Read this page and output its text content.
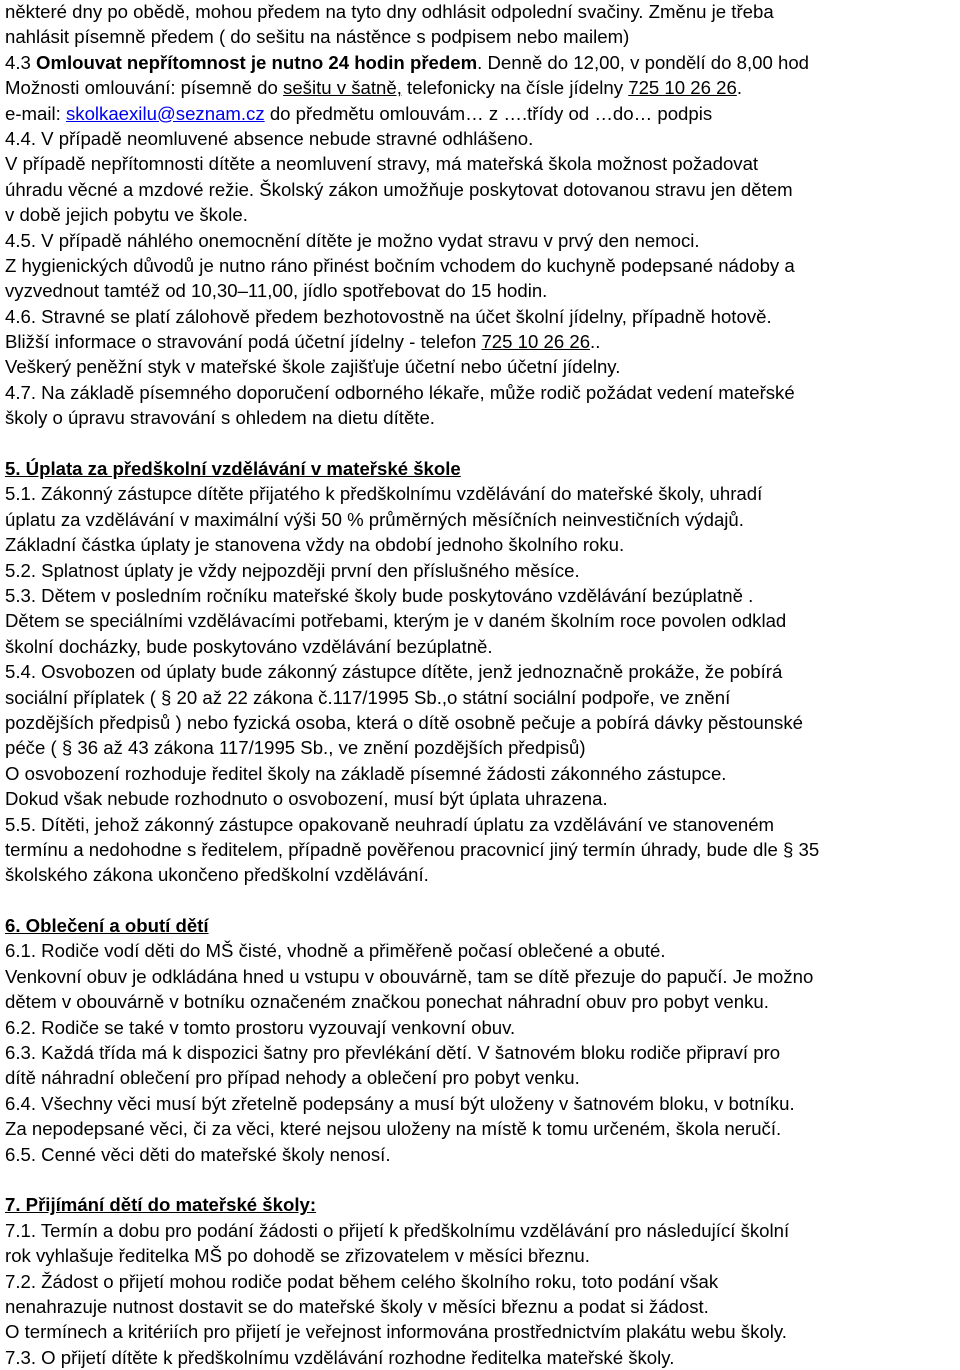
některé dny po obědě, mohou předem na tyto dny odhlásit odpolední svačiny. Změnu je třeba
nahlásit písemně předem ( do sešitu na nástěnce s podpisem nebo mailem)
4.3 Omlouvat nepřítomnost je nutno 24 hodin předem. Denně do 12,00, v pondělí do 8,00 hod
Možnosti omlouvání: písemně do sešitu v šatně, telefonicky na čísle jídelny 725 10 26 26.
e-mail: skolkaexilu@seznam.cz do předmětu omlouvám… z ….třídy od …do… podpis
4.4. V případě neomluvené absence nebude stravné odhlášeno.
V případě nepřítomnosti dítěte a neomluvení stravy, má mateřská škola možnost požadovat
úhradu věcné a mzdové režie. Školský zákon umožňuje poskytovat dotovanou stravu jen dětem
v době jejich pobytu ve škole.
4.5. V případě náhlého onemocnění dítěte je možno vydat stravu v prvý den nemoci.
Z hygienických důvodů je nutno ráno přinést bočním vchodem do kuchyně podepsané nádoby a
vyzvednout tamtéž od 10,30–11,00, jídlo spotřebovat do 15 hodin.
4.6. Stravné se platí zálohově předem bezhotovostně na účet školní jídelny, případně hotově.
Bližší informace o stravování podá účetní jídelny - telefon 725 10 26 26..
Veškerý peněžní styk v mateřské škole zajišťuje účetní nebo účetní jídelny.
4.7. Na základě písemného doporučení odborného lékaře, může rodič požádat vedení mateřské
školy o úpravu stravování s ohledem na dietu dítěte.
5. Úplata za předškolní vzdělávání v mateřské škole
5.1. Zákonný zástupce dítěte přijatého k předškolnímu vzdělávání do mateřské školy, uhradí
úplatu za vzdělávání v maximální výši 50 % průměrných měsíčních neinvestičních výdajů.
Základní částka úplaty je stanovena vždy na období jednoho školního roku.
5.2. Splatnost úplaty je vždy nejpozději první den příslušného měsíce.
5.3. Dětem v posledním ročníku mateřské školy bude poskytováno vzdělávání bezúplatně .
Dětem se speciálními vzdělávacími potřebami, kterým je v daném školním roce povolen odklad
školní docházky, bude poskytováno vzdělávání bezúplatně.
5.4. Osvobozen od úplaty bude zákonný zástupce dítěte, jenž jednoznačně prokáže, že pobírá
sociální příplatek ( § 20 až 22 zákona č.117/1995 Sb.,o státní sociální podpoře, ve znění
pozdějších předpisů ) nebo fyzická osoba, která o dítě osobně pečuje a pobírá dávky pěstounské
péče ( § 36 až 43 zákona 117/1995 Sb., ve znění pozdějších předpisů)
O osvobození rozhoduje ředitel školy na základě písemné žádosti zákonného zástupce.
Dokud však nebude rozhodnuto o osvobození, musí být úplata uhrazena.
5.5. Dítěti, jehož zákonný zástupce opakovaně neuhradí úplatu za vzdělávání ve stanoveném
termínu a nedohodne s ředitelem, případně pověřenou pracovnicí jiný termín úhrady, bude dle § 35
školského zákona ukončeno předškolní vzdělávání.
6. Oblečení a obutí dětí
6.1. Rodiče vodí děti do MŠ čisté, vhodně a přiměřeně počasí oblečené a obuté.
Venkovní obuv je odkládána hned u vstupu v obouvárně, tam se dítě přezuje do papučí. Je možno
dětem v obouvárně v botníku označeném značkou ponechat náhradní obuv pro pobyt venku.
6.2. Rodiče se také v tomto prostoru vyzouvají venkovní obuv.
6.3. Každá třída má k dispozici šatny pro převlékání dětí. V šatnovém bloku rodiče připraví pro
dítě náhradní oblečení pro případ nehody a oblečení pro pobyt venku.
6.4. Všechny věci musí být zřetelně podepsány a musí být uloženy v šatnovém bloku, v botníku.
Za nepodepsané věci, či za věci, které nejsou uloženy na místě k tomu určeném, škola neručí.
6.5. Cenné věci děti do mateřské školy nenosí.
7. Přijímání dětí do mateřské školy:
7.1. Termín a dobu pro podání žádosti o přijetí k předškolnímu vzdělávání pro následující školní
rok vyhlašuje ředitelka MŠ po dohodě se zřizovatelem v měsíci březnu.
7.2. Žádost o přijetí mohou rodiče podat během celého školního roku, toto podání však
nenahrazuje nutnost dostavit se do mateřské školy v měsíci březnu a podat si žádost.
O termínech a kritériích pro přijetí je veřejnost informována prostřednictvím plakátu webu školy.
7.3. O přijetí dítěte k předškolnímu vzdělávání rozhodne ředitelka mateřské školy.
